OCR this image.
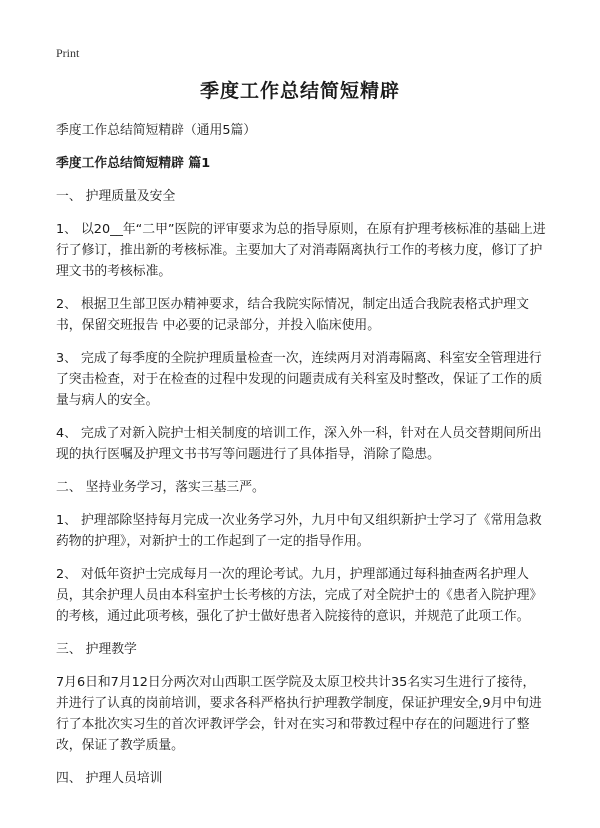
Print
季度工作总结简短精辟

季度工作总结简短精辟（通用5篇）

季度工作总结简短精辟 篇1

一、 护理质量及安全

1、 以20__年“二甲”医院的评审要求为总的指导原则，在原有护理考核标准的基础上进行了修订，推出新的考核标准。主要加大了对消毒隔离执行工作的考核力度，修订了护理文书的考核标准。

2、 根据卫生部卫医办精神要求，结合我院实际情况，制定出适合我院表格式护理文书，保留交班报告 中必要的记录部分，并投入临床使用。

3、 完成了每季度的全院护理质量检查一次，连续两月对消毒隔离、科室安全管理进行了突击检查，对于在检查的过程中发现的问题责成有关科室及时整改，保证了工作的质量与病人的安全。

4、 完成了对新入院护士相关制度的培训工作，深入外一科，针对在人员交替期间所出现的执行医嘱及护理文书书写等问题进行了具体指导，消除了隐患。

二、 坚持业务学习，落实三基三严。

1、 护理部除坚持每月完成一次业务学习外，九月中旬又组织新护士学习了《常用急救药物的护理》，对新护士的工作起到了一定的指导作用。

2、 对低年资护士完成每月一次的理论考试。九月，护理部通过每科抽查两名护理人员，其余护理人员由本科室护士长考核的方法，完成了对全院护士的《患者入院护理》的考核，通过此项考核，强化了护士做好患者入院接待的意识，并规范了此项工作。

三、 护理教学

7月6日和7月12日分两次对山西职工医学院及太原卫校共计35名实习生进行了接待，并进行了认真的岗前培训，要求各科严格执行护理教学制度，保证护理安全,9月中旬进行了本批次实习生的首次评教评学会，针对在实习和带教过程中存在的问题进行了整改，保证了教学质量。

四、 护理人员培训
